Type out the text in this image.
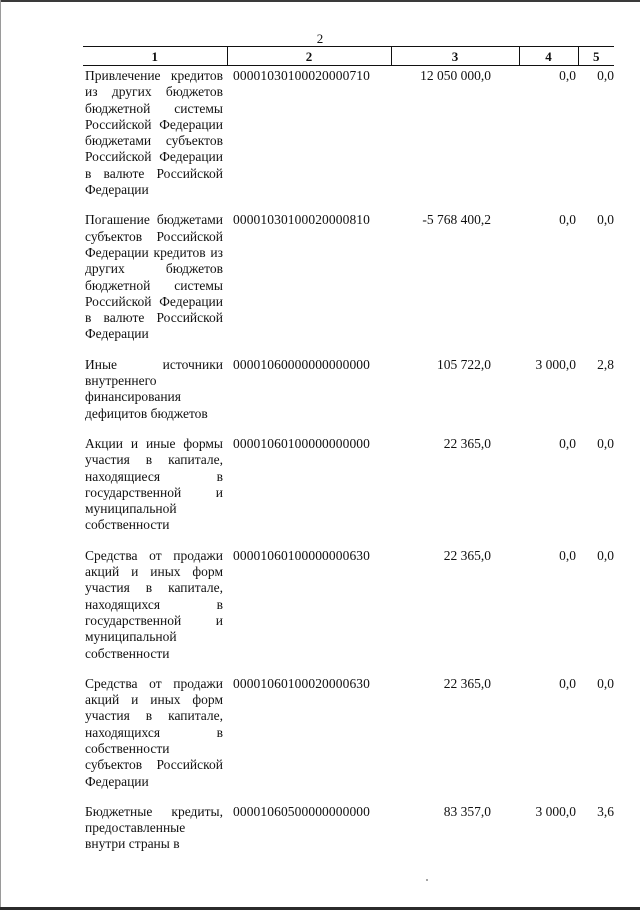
2
1	2	3	4	5
Привлечение кредитов из других бюджетов бюджетной системы Российской Федерации бюджетами субъектов Российской Федерации в валюте Российской Федерации	00001030100020000710	12 050 000,0	0,0	0,0
Погашение бюджетами субъектов Российской Федерации кредитов из других бюджетов бюджетной системы Российской Федерации в валюте Российской Федерации	00001030100020000810	-5 768 400,2	0,0	0,0
Иные источники внутреннего финансирования дефицитов бюджетов	00001060000000000000	105 722,0	3 000,0	2,8
Акции и иные формы участия в капитале, находящиеся в государственной и муниципальной собственности	00001060100000000000	22 365,0	0,0	0,0
Средства от продажи акций и иных форм участия в капитале, находящихся в государственной и муниципальной собственности	00001060100000000630	22 365,0	0,0	0,0
Средства от продажи акций и иных форм участия в капитале, находящихся в собственности субъектов Российской Федерации	00001060100020000630	22 365,0	0,0	0,0
Бюджетные кредиты, предоставленные внутри страны в	00001060500000000000	83 357,0	3 000,0	3,6
